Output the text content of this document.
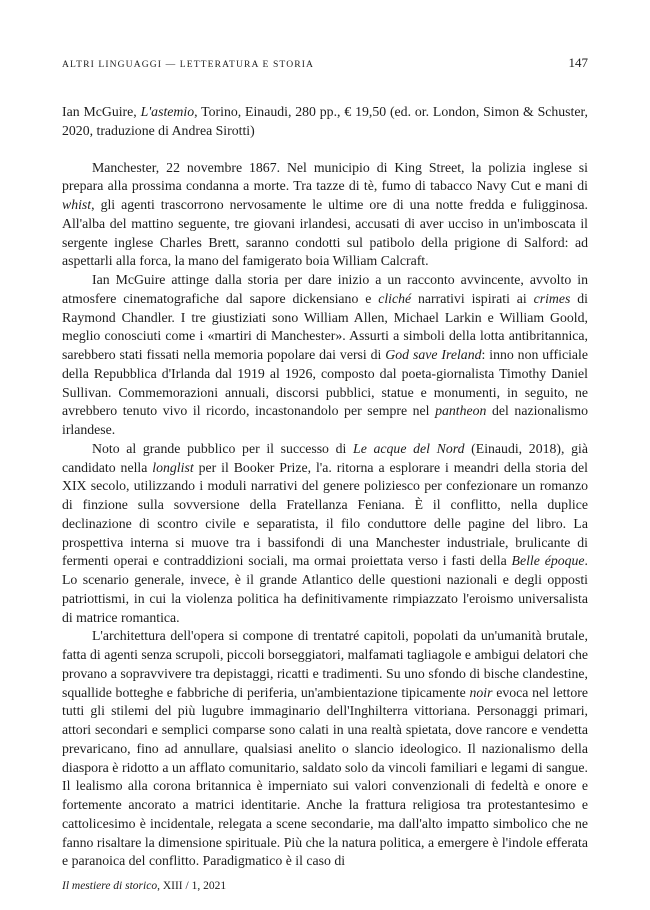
ALTRI LINGUAGGI — LETTERATURA E STORIA	147

Ian McGuire, L'astemio, Torino, Einaudi, 280 pp., € 19,50 (ed. or. London, Simon & Schuster, 2020, traduzione di Andrea Sirotti)

Manchester, 22 novembre 1867. Nel municipio di King Street, la polizia inglese si prepara alla prossima condanna a morte. Tra tazze di tè, fumo di tabacco Navy Cut e mani di whist, gli agenti trascorrono nervosamente le ultime ore di una notte fredda e fuligginosa. All'alba del mattino seguente, tre giovani irlandesi, accusati di aver ucciso in un'imboscata il sergente inglese Charles Brett, saranno condotti sul patibolo della prigione di Salford: ad aspettarli alla forca, la mano del famigerato boia William Calcraft.

Ian McGuire attinge dalla storia per dare inizio a un racconto avvincente, avvolto in atmosfere cinematografiche dal sapore dickensiano e cliché narrativi ispirati ai crimes di Raymond Chandler. I tre giustiziati sono William Allen, Michael Larkin e William Goold, meglio conosciuti come i «martiri di Manchester». Assurti a simboli della lotta antibritannica, sarebbero stati fissati nella memoria popolare dai versi di God save Ireland: inno non ufficiale della Repubblica d'Irlanda dal 1919 al 1926, composto dal poeta-giornalista Timothy Daniel Sullivan. Commemorazioni annuali, discorsi pubblici, statue e monumenti, in seguito, ne avrebbero tenuto vivo il ricordo, incastonandolo per sempre nel pantheon del nazionalismo irlandese.

Noto al grande pubblico per il successo di Le acque del Nord (Einaudi, 2018), già candidato nella longlist per il Booker Prize, l'a. ritorna a esplorare i meandri della storia del XIX secolo, utilizzando i moduli narrativi del genere poliziesco per confezionare un romanzo di finzione sulla sovversione della Fratellanza Feniana. È il conflitto, nella duplice declinazione di scontro civile e separatista, il filo conduttore delle pagine del libro. La prospettiva interna si muove tra i bassifondi di una Manchester industriale, brulicante di fermenti operai e contraddizioni sociali, ma ormai proiettata verso i fasti della Belle époque. Lo scenario generale, invece, è il grande Atlantico delle questioni nazionali e degli opposti patriottismi, in cui la violenza politica ha definitivamente rimpiazzato l'eroismo universalista di matrice romantica.

L'architettura dell'opera si compone di trentatré capitoli, popolati da un'umanità brutale, fatta di agenti senza scrupoli, piccoli borseggiatori, malfamati tagliagole e ambigui delatori che provano a sopravvivere tra depistaggi, ricatti e tradimenti. Su uno sfondo di bische clandestine, squallide botteghe e fabbriche di periferia, un'ambientazione tipicamente noir evoca nel lettore tutti gli stilemi del più lugubre immaginario dell'Inghilterra vittoriana. Personaggi primari, attori secondari e semplici comparse sono calati in una realtà spietata, dove rancore e vendetta prevaricano, fino ad annullare, qualsiasi anelito o slancio ideologico. Il nazionalismo della diaspora è ridotto a un afflato comunitario, saldato solo da vincoli familiari e legami di sangue. Il lealismo alla corona britannica è imperniato sui valori convenzionali di fedeltà e onore e fortemente ancorato a matrici identitarie. Anche la frattura religiosa tra protestantesimo e cattolicesimo è incidentale, relegata a scene secondarie, ma dall'alto impatto simbolico che ne fanno risaltare la dimensione spirituale. Più che la natura politica, a emergere è l'indole efferata e paranoica del conflitto. Paradigmatico è il caso di

Il mestiere di storico, XIII / 1, 2021
